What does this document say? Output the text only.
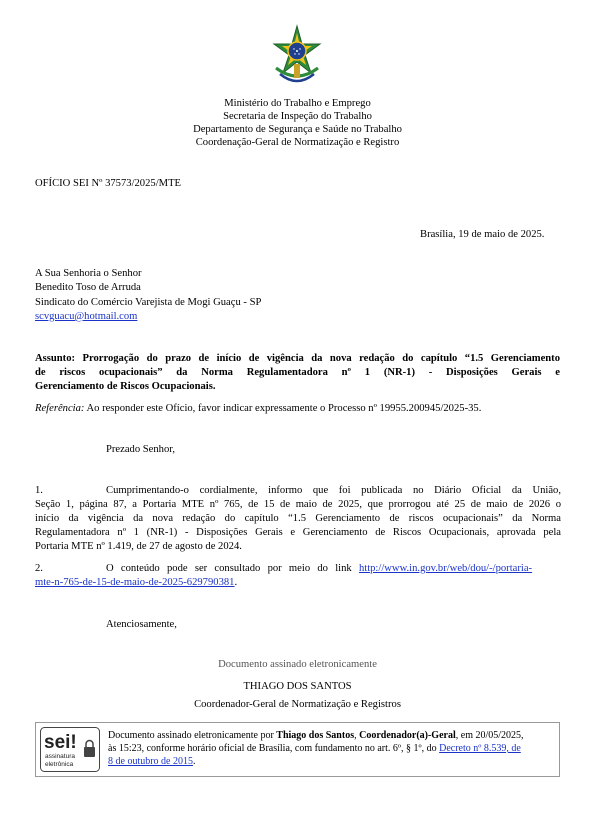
Ministério do Trabalho e Emprego
Secretaria de Inspeção do Trabalho
Departamento de Segurança e Saúde no Trabalho
Coordenação-Geral de Normatização e Registro
OFÍCIO SEI Nº 37573/2025/MTE
Brasília, 19 de maio de 2025.
A Sua Senhoria o Senhor
Benedito Toso de Arruda
Sindicato do Comércio Varejista de Mogi Guaçu - SP
scvguacu@hotmail.com
Assunto: Prorrogação do prazo de início de vigência da nova redação do capítulo “1.5 Gerenciamento
de riscos ocupacionais” da Norma Regulamentadora nº 1 (NR-1) - Disposições Gerais e
Gerenciamento de Riscos Ocupacionais.
Referência: Ao responder este Ofício, favor indicar expressamente o Processo nº 19955.200945/2025-35.
Prezado Senhor,
1.	Cumprimentando-o cordialmente, informo que foi publicada no Diário Oficial da União,
Seção 1, página 87, a Portaria MTE nº 765, de 15 de maio de 2025, que prorrogou até 25 de maio de 2026 o
início da vigência da nova redação do capítulo “1.5 Gerenciamento de riscos ocupacionais” da Norma
Regulamentadora nº 1 (NR-1) - Disposições Gerais e Gerenciamento de Riscos Ocupacionais, aprovada pela
Portaria MTE nº 1.419, de 27 de agosto de 2024.
2.	O conteúdo pode ser consultado por meio do link http://www.in.gov.br/web/dou/-/portaria-
mte-n-765-de-15-de-maio-de-2025-629790381.
Atenciosamente,
Documento assinado eletronicamente
THIAGO DOS SANTOS
Coordenador-Geral de Normatização e Registros
sei!
assinatura
eletrônica
Documento assinado eletronicamente por Thiago dos Santos, Coordenador(a)-Geral, em 20/05/2025,
às 15:23, conforme horário oficial de Brasília, com fundamento no art. 6º, § 1º, do Decreto nº 8.539, de
8 de outubro de 2015.
